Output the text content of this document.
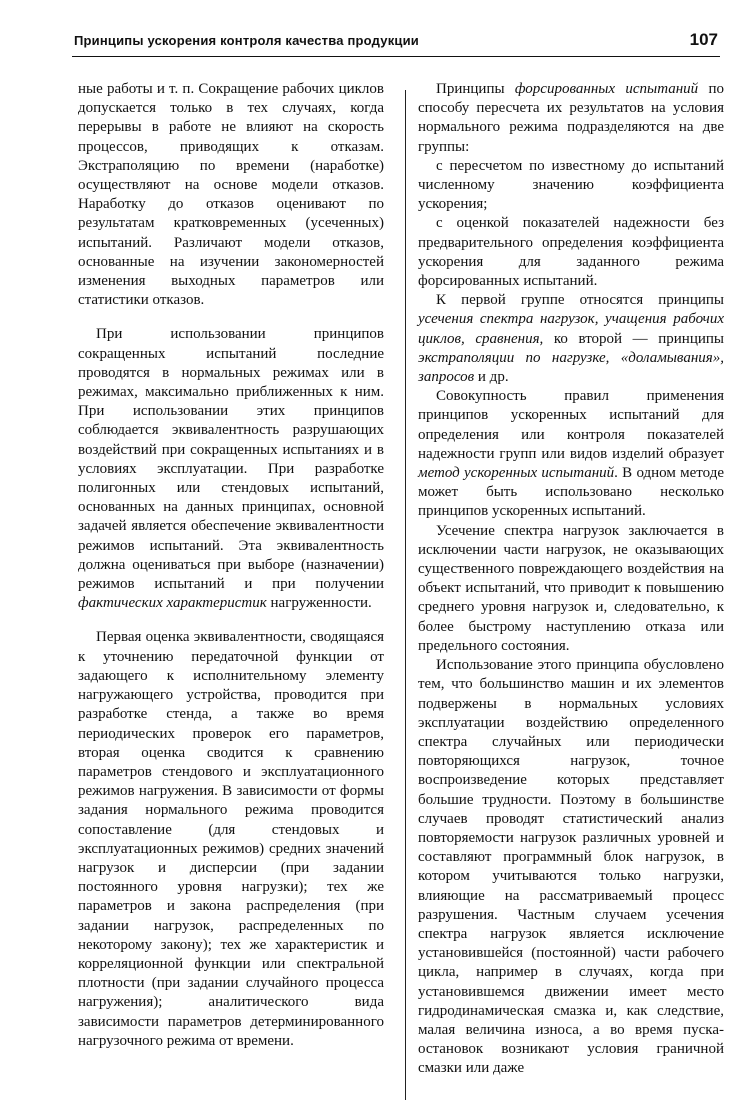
Принципы ускорения контроля качества продукции	107

ные работы и т. п. Сокращение рабочих циклов допускается только в тех случаях, когда перерывы в работе не влияют на скорость процессов, приводящих к отказам. Экстраполяцию по времени (наработке) осуществляют на основе модели отказов. Наработку до отказов оценивают по результатам кратковременных (усеченных) испытаний. Различают модели отказов, основанные на изучении закономерностей изменения выходных параметров или статистики отказов.

При использовании принципов сокращенных испытаний последние проводятся в нормальных режимах или в режимах, максимально приближенных к ним. При использовании этих принципов соблюдается эквивалентность разрушающих воздействий при сокращенных испытаниях и в условиях эксплуатации. При разработке полигонных или стендовых испытаний, основанных на данных принципах, основной задачей является обеспечение эквивалентности режимов испытаний. Эта эквивалентность должна оцениваться при выборе (назначении) режимов испытаний и при получении фактических характеристик нагруженности.

Первая оценка эквивалентности, сводящаяся к уточнению передаточной функции от задающего к исполнительному элементу нагружающего устройства, проводится при разработке стенда, а также во время периодических проверок его параметров, вторая оценка сводится к сравнению параметров стендового и эксплуатационного режимов нагружения. В зависимости от формы задания нормального режима проводится сопоставление (для стендовых и эксплуатационных режимов) средних значений нагрузок и дисперсии (при задании постоянного уровня нагрузки); тех же параметров и закона распределения (при задании нагрузок, распределенных по некоторому закону); тех же характеристик и корреляционной функции или спектральной плотности (при задании случайного процесса нагружения); аналитического вида зависимости параметров детерминированного нагрузочного режима от времени.

Принципы форсированных испытаний по способу пересчета их результатов на условия нормального режима подразделяются на две группы:

с пересчетом по известному до испытаний численному значению коэффициента ускорения;

с оценкой показателей надежности без предварительного определения коэффициента ускорения для заданного режима форсированных испытаний.

К первой группе относятся принципы усечения спектра нагрузок, учащения рабочих циклов, сравнения, ко второй — принципы экстраполяции по нагрузке, «доламывания», запросов и др.

Совокупность правил применения принципов ускоренных испытаний для определения или контроля показателей надежности групп или видов изделий образует метод ускоренных испытаний. В одном методе может быть использовано несколько принципов ускоренных испытаний.

Усечение спектра нагрузок заключается в исключении части нагрузок, не оказывающих существенного повреждающего воздействия на объект испытаний, что приводит к повышению среднего уровня нагрузок и, следовательно, к более быстрому наступлению отказа или предельного состояния.

Использование этого принципа обусловлено тем, что большинство машин и их элементов подвержены в нормальных условиях эксплуатации воздействию определенного спектра случайных или периодически повторяющихся нагрузок, точное воспроизведение которых представляет большие трудности. Поэтому в большинстве случаев проводят статистический анализ повторяемости нагрузок различных уровней и составляют программный блок нагрузок, в котором учитываются только нагрузки, влияющие на рассматриваемый процесс разрушения. Частным случаем усечения спектра нагрузок является исключение установившейся (постоянной) части рабочего цикла, например в случаях, когда при установившемся движении имеет место гидродинамическая смазка и, как следствие, малая величина износа, а во время пуска-остановок возникают условия граничной смазки или даже
